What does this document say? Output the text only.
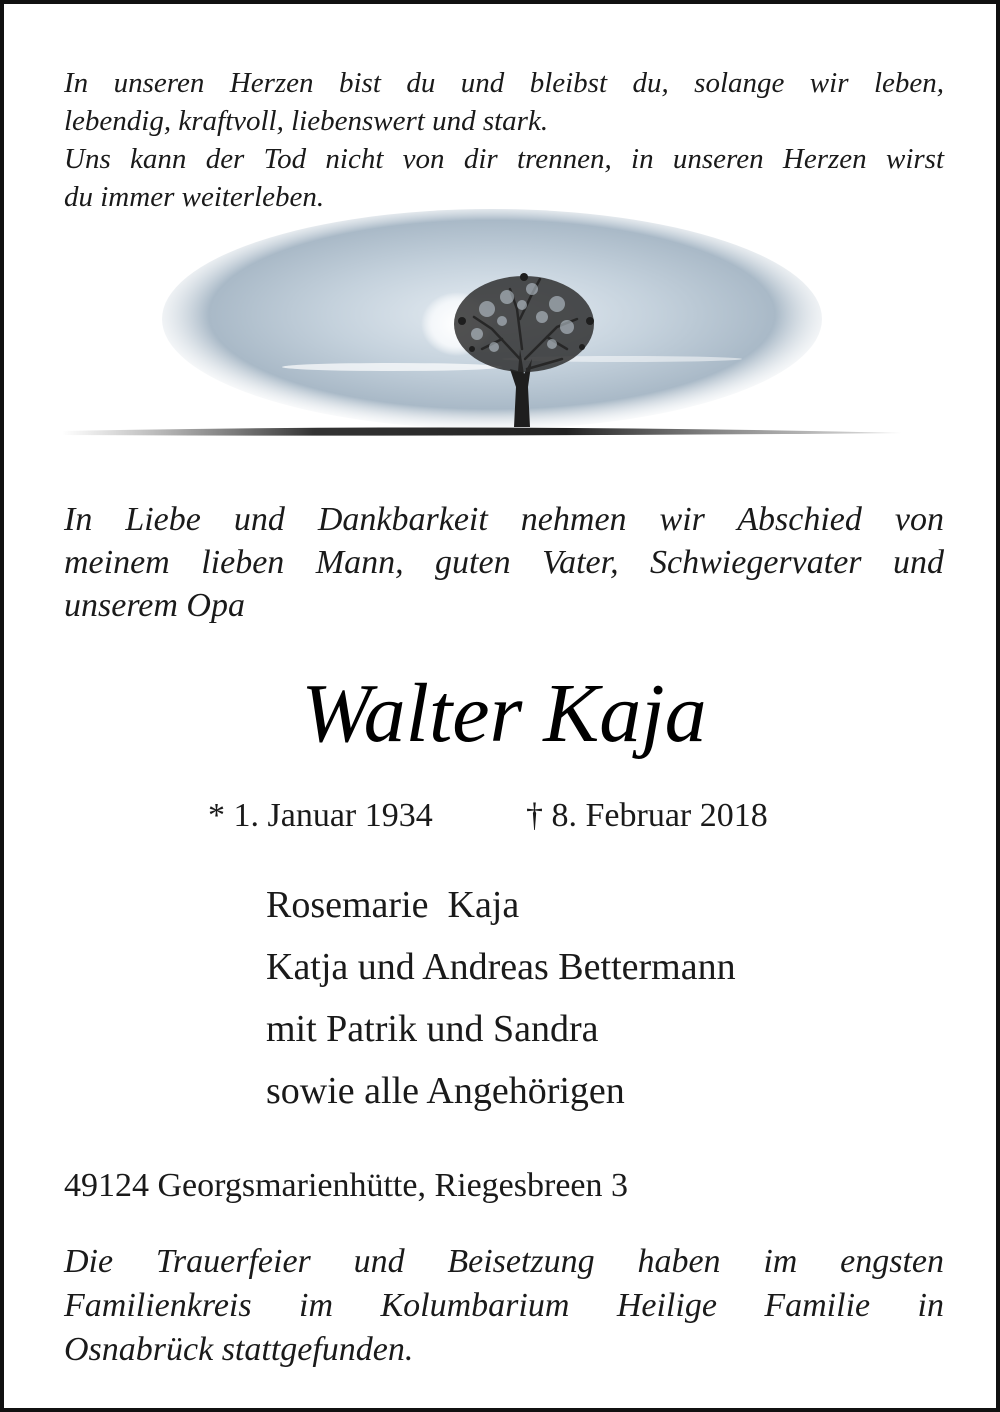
In unseren Herzen bist du und bleibst du, solange wir leben,
lebendig, kraftvoll, liebenswert und stark.
Uns kann der Tod nicht von dir trennen, in unseren Herzen wirst
du immer weiterleben.
In Liebe und Dankbarkeit nehmen wir Abschied von
meinem lieben Mann, guten Vater, Schwiegervater und
unserem Opa
Walter Kaja
* 1. Januar 1934	† 8. Februar 2018
Rosemarie  Kaja
Katja und Andreas Bettermann
mit Patrik und Sandra
sowie alle Angehörigen
49124 Georgsmarienhütte, Riegesbreen 3
Die Trauerfeier und Beisetzung haben im engsten
Familienkreis im Kolumbarium Heilige Familie in
Osnabrück stattgefunden.
